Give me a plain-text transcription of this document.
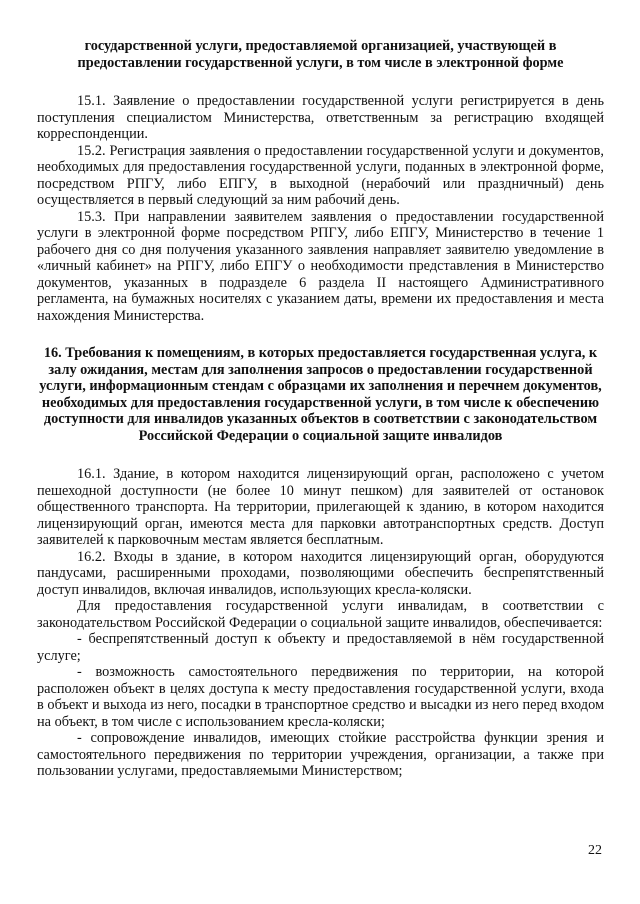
государственной услуги, предоставляемой организацией, участвующей в предоставлении государственной услуги, в том числе в электронной форме

15.1. Заявление о предоставлении государственной услуги регистрируется в день поступления специалистом Министерства, ответственным за регистрацию входящей корреспонденции.

15.2. Регистрация заявления о предоставлении государственной услуги и документов, необходимых для предоставления государственной услуги, поданных в электронной форме, посредством РПГУ, либо ЕПГУ, в выходной (нерабочий или праздничный) день осуществляется в первый следующий за ним рабочий день.

15.3. При направлении заявителем заявления о предоставлении государственной услуги в электронной форме посредством РПГУ, либо ЕПГУ, Министерство в течение 1 рабочего дня со дня получения указанного заявления направляет заявителю уведомление в «личный кабинет» на РПГУ, либо ЕПГУ о необходимости представления в Министерство документов, указанных в подразделе 6 раздела II настоящего Административного регламента, на бумажных носителях с указанием даты, времени их предоставления и места нахождения Министерства.

16. Требования к помещениям, в которых предоставляется государственная услуга, к залу ожидания, местам для заполнения запросов о предоставлении государственной услуги, информационным стендам с образцами их заполнения и перечнем документов, необходимых для предоставления государственной услуги, в том числе к обеспечению доступности для инвалидов указанных объектов в соответствии с законодательством Российской Федерации о социальной защите инвалидов

16.1. Здание, в котором находится лицензирующий орган, расположено с учетом пешеходной доступности (не более 10 минут пешком) для заявителей от остановок общественного транспорта. На территории, прилегающей к зданию, в котором находится лицензирующий орган, имеются места для парковки автотранспортных средств. Доступ заявителей к парковочным местам является бесплатным.

16.2. Входы в здание, в котором находится лицензирующий орган, оборудуются пандусами, расширенными проходами, позволяющими обеспечить беспрепятственный доступ инвалидов, включая инвалидов, использующих кресла-коляски.

Для предоставления государственной услуги инвалидам, в соответствии с законодательством Российской Федерации о социальной защите инвалидов, обеспечивается:

- беспрепятственный доступ к объекту и предоставляемой в нём государственной услуге;

- возможность самостоятельного передвижения по территории, на которой расположен объект в целях доступа к месту предоставления государственной услуги, входа в объект и выхода из него, посадки в транспортное средство и высадки из него перед входом на объект, в том числе с использованием кресла-коляски;

- сопровождение инвалидов, имеющих стойкие расстройства функции зрения и самостоятельного передвижения по территории учреждения, организации, а также при пользовании услугами, предоставляемыми Министерством;

22
